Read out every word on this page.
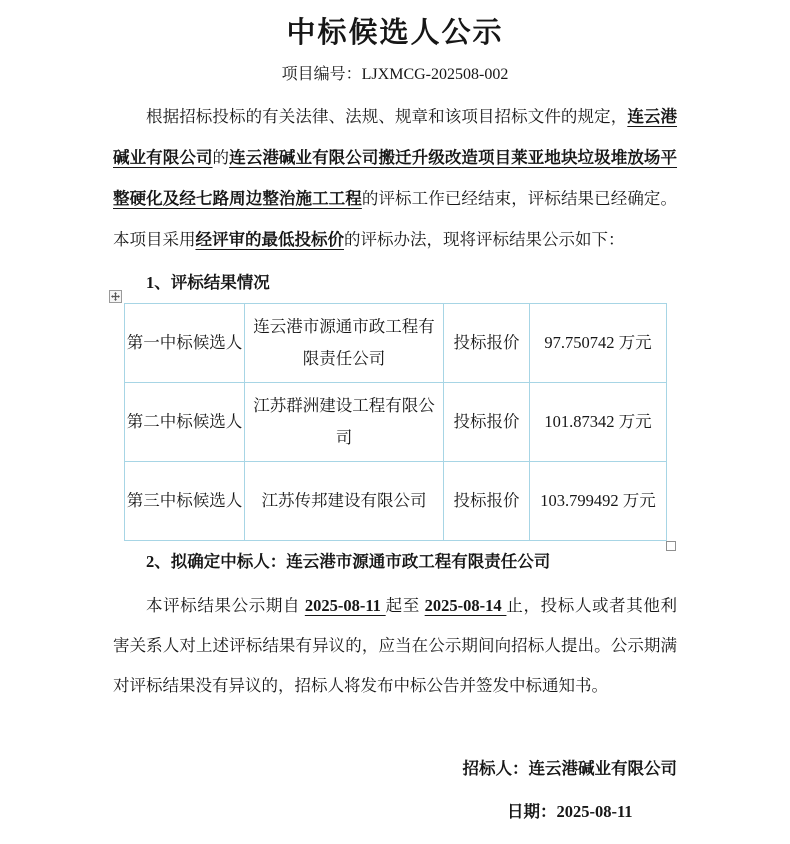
中标候选人公示
项目编号：LJXMCG-202508-002

根据招标投标的有关法律、法规、规章和该项目招标文件的规定，连云港碱业有限公司的连云港碱业有限公司搬迁升级改造项目莱亚地块垃圾堆放场平整硬化及经七路周边整治施工工程的评标工作已经结束，评标结果已经确定。本项目采用经评审的最低投标价的评标办法，现将评标结果公示如下：

1、评标结果情况
第一中标候选人	连云港市源通市政工程有限责任公司	投标报价	97.750742 万元
第二中标候选人	江苏群洲建设工程有限公司	投标报价	101.87342 万元
第三中标候选人	江苏传邦建设有限公司	投标报价	103.799492 万元
2、拟确定中标人：连云港市源通市政工程有限责任公司

本评标结果公示期自 2025-08-11 起至 2025-08-14 止，投标人或者其他利害关系人对上述评标结果有异议的，应当在公示期间向招标人提出。公示期满对评标结果没有异议的，招标人将发布中标公告并签发中标通知书。

招标人：连云港碱业有限公司
日期：2025-08-11
